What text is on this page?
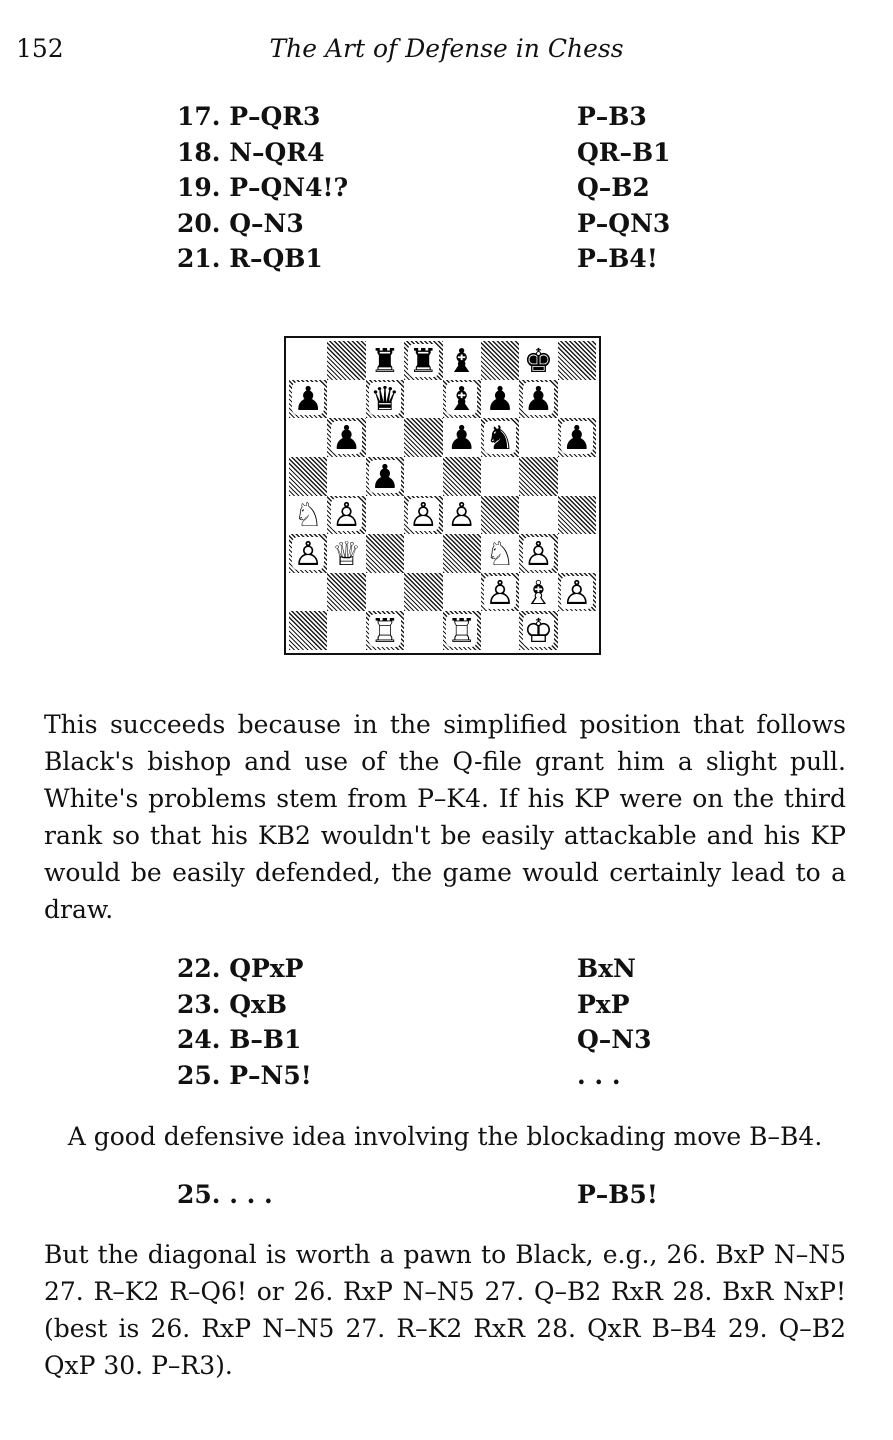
152	The Art of Defense in Chess
17. P–QR3	P–B3
18. N–QR4	QR–B1
19. P–QN4!?	Q–B2
20. Q–N3	P–QN3
21. R–QB1	P–B4!
♜ ♜ ♝ ♚
♟ ♛ ♝ ♟ ♟
♟	♟ ♞ ♟
♟
♘ ♙ ♙ ♙
♙ ♕	♘ ♙
♙ ♗ ♙
♖ ♖ ♔
This succeeds because in the simplified position that follows
Black's bishop and use of the Q-file grant him a slight pull.
White's problems stem from P–K4. If his KP were on the third
rank so that his KB2 wouldn't be easily attackable and his KP
would be easily defended, the game would certainly lead to a
draw.
22. QPxP	BxN
23. QxB	PxP
24. B–B1	Q–N3
25. P–N5!	. . .
A good defensive idea involving the blockading move B–B4.
25. . . .	P–B5!
But the diagonal is worth a pawn to Black, e.g., 26. BxP N–N5
27. R–K2 R–Q6! or 26. RxP N–N5 27. Q–B2 RxR 28. BxR NxP!
(best is 26. RxP N–N5 27. R–K2 RxR 28. QxR B–B4 29. Q–B2
QxP 30. P–R3).
